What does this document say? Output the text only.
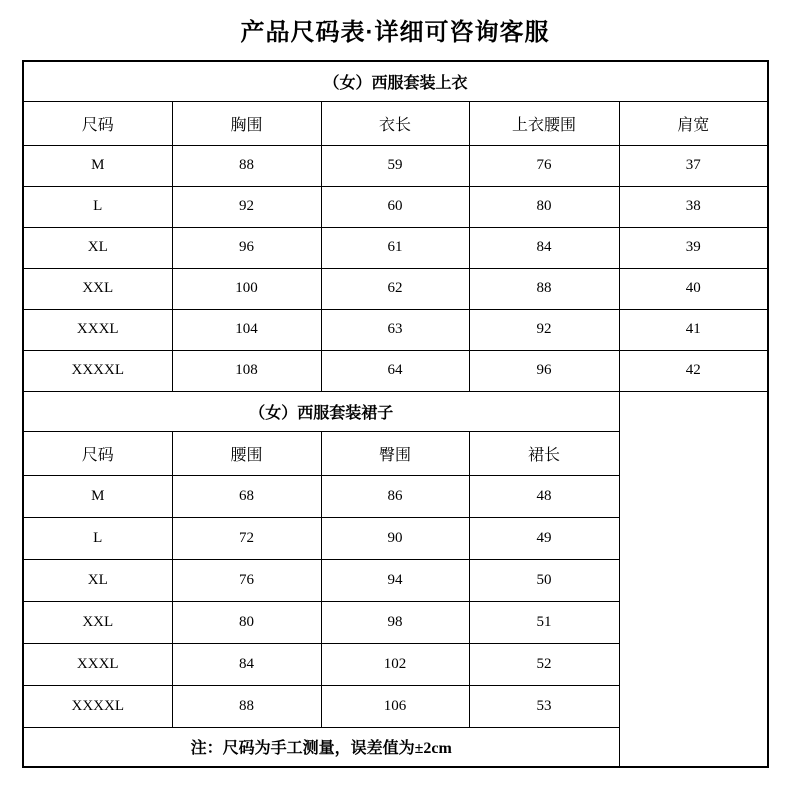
产品尺码表·详细可咨询客服
（女）西服套装上衣				
尺码	胸围	衣长	上衣腰围	肩宽
M	88	59	76	37
L	92	60	80	38
XL	96	61	84	39
XXL	100	62	88	40
XXXL	104	63	92	41
XXXXL	108	64	96	42
（女）西服套装裙子				
尺码	腰围	臀围	裙长	
M	68	86	48	
L	72	90	49	
XL	76	94	50	
XXL	80	98	51	
XXXL	84	102	52	
XXXXL	88	106	53	
注：尺码为手工测量，误差值为±2cm				
